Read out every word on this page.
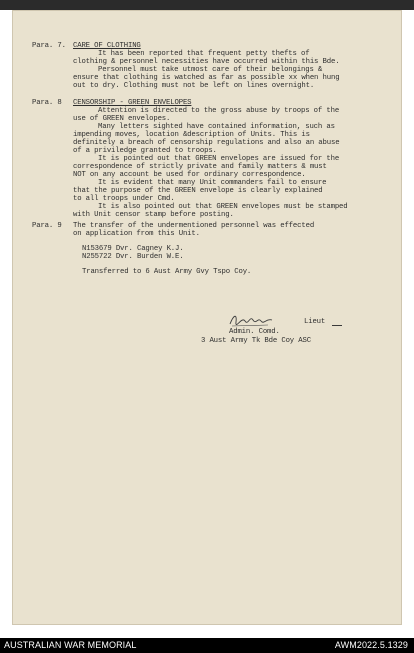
Para. 7. CARE OF CLOTHING
It has been reported that frequent petty thefts of
clothing & personnel necessities have occurred within this Bde.
Personnel must take utmost care of their belongings &
ensure that clothing is watched as far as possible xx when hung
out to dry. Clothing must not be left on lines overnight.
Para. 8 CENSORSHIP - GREEN ENVELOPES
Attention is directed to the gross abuse by troops of the
use of GREEN envelopes.
Many letters sighted have contained information, such as
impending moves, location &description of Units. This is
definitely a breach of censorship regulations and also an abuse
of a priviledge granted to troops.
It is pointed out that GREEN envelopes are issued for the
correspondence of strictly private and family matters & must
NOT on any account be used for ordinary correspondence.
It is evident that many Unit commanders fail to ensure
that the purpose of the GREEN envelope is clearly explained
to all troops under Cmd.
It is also pointed out that GREEN envelopes must be stamped
with Unit censor stamp before posting.
Para. 9 The transfer of the undermentioned personnel was effected
on application from this Unit.
N153679 Dvr. Cagney K.J.
N255722 Dvr. Burden W.E.
Transferred to 6 Aust Army Gvy Tspo Coy.
Lieut
Admin. Comd.
3 Aust Army Tk Bde Coy ASC
AUSTRALIAN WAR MEMORIAL	AWM2022.5.1329
